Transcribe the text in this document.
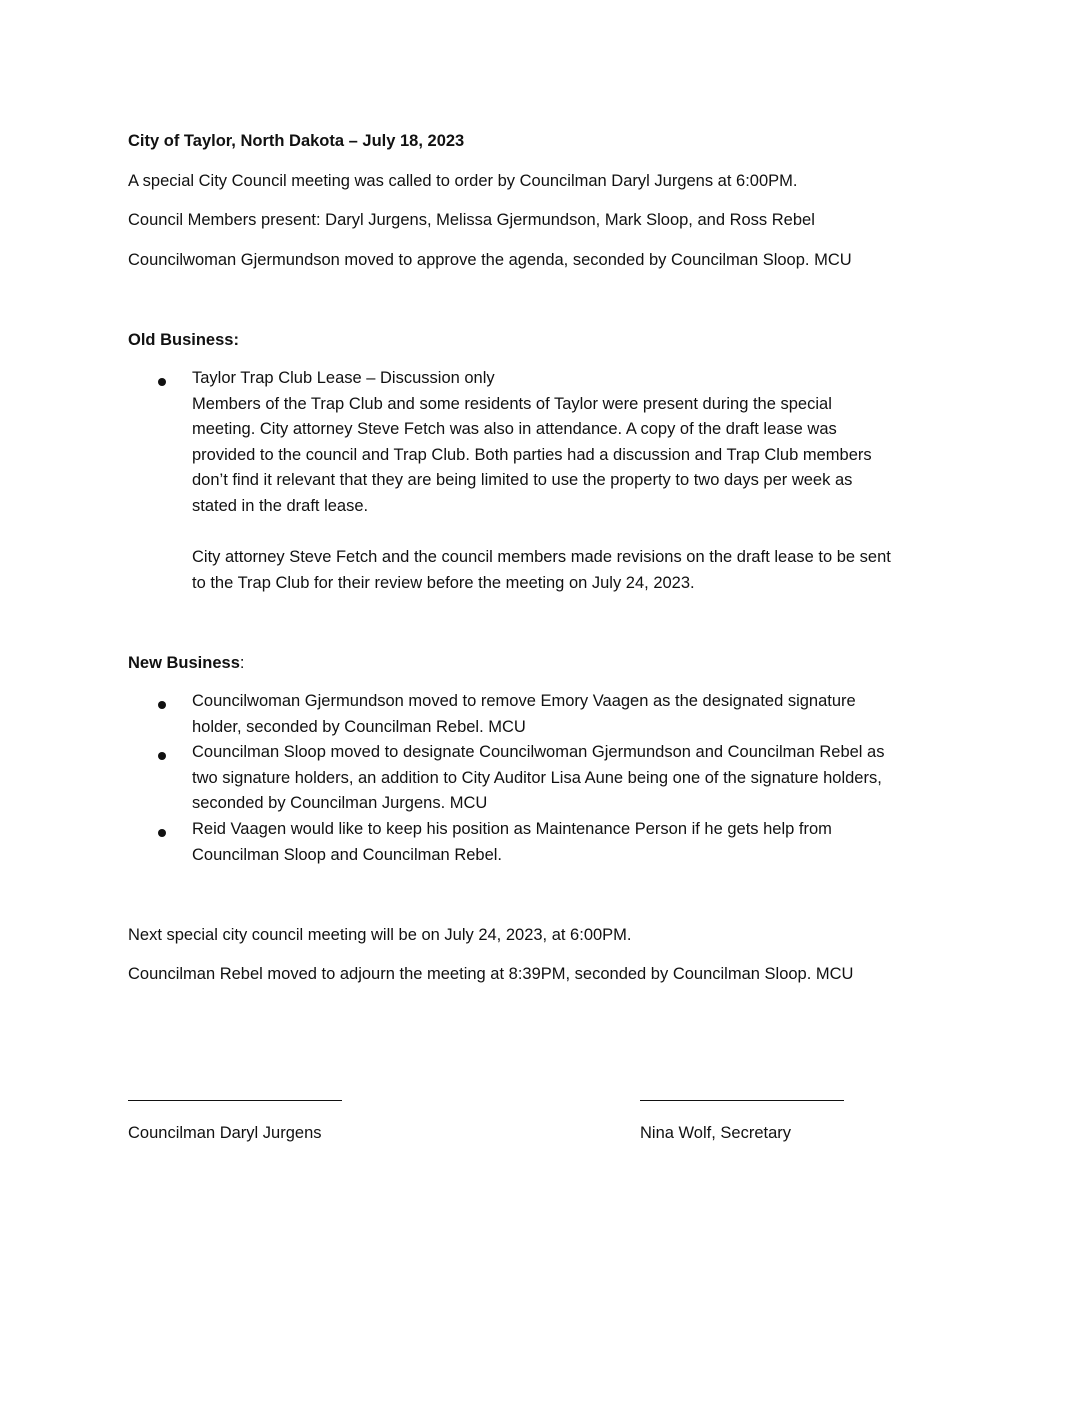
City of Taylor, North Dakota – July 18, 2023
A special City Council meeting was called to order by Councilman Daryl Jurgens at 6:00PM.
Council Members present: Daryl Jurgens, Melissa Gjermundson, Mark Sloop, and Ross Rebel
Councilwoman Gjermundson moved to approve the agenda, seconded by Councilman Sloop. MCU
Old Business:
Taylor Trap Club Lease – Discussion only
Members of the Trap Club and some residents of Taylor were present during the special
meeting. City attorney Steve Fetch was also in attendance. A copy of the draft lease was
provided to the council and Trap Club. Both parties had a discussion and Trap Club members
don’t find it relevant that they are being limited to use the property to two days per week as
stated in the draft lease.
City attorney Steve Fetch and the council members made revisions on the draft lease to be sent
to the Trap Club for their review before the meeting on July 24, 2023.
New Business:
Councilwoman Gjermundson moved to remove Emory Vaagen as the designated signature
holder, seconded by Councilman Rebel. MCU
Councilman Sloop moved to designate Councilwoman Gjermundson and Councilman Rebel as
two signature holders, an addition to City Auditor Lisa Aune being one of the signature holders,
seconded by Councilman Jurgens. MCU
Reid Vaagen would like to keep his position as Maintenance Person if he gets help from
Councilman Sloop and Councilman Rebel.
Next special city council meeting will be on July 24, 2023, at 6:00PM.
Councilman Rebel moved to adjourn the meeting at 8:39PM, seconded by Councilman Sloop. MCU
Councilman Daryl Jurgens	Nina Wolf, Secretary
